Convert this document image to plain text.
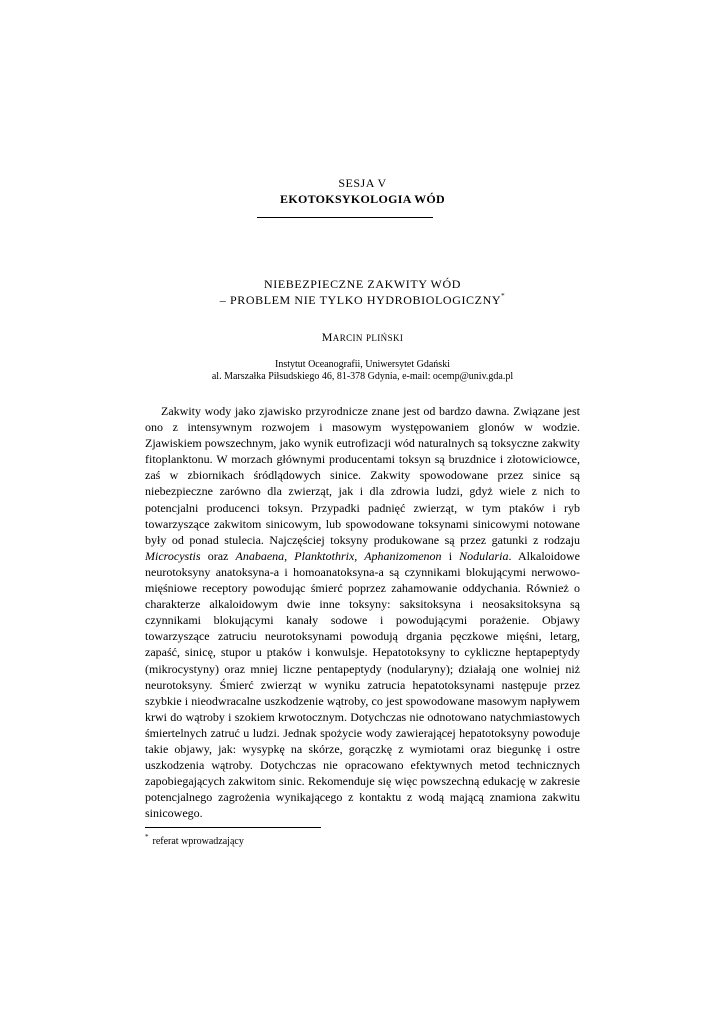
SESJA V
EKOTOKSYKOLOGIA WÓD
NIEBEZPIECZNE ZAKWITY WÓD
– PROBLEM NIE TYLKO HYDROBIOLOGICZNY*
MARCIN PLIŃSKI
Instytut Oceanografii, Uniwersytet Gdański
al. Marszałka Piłsudskiego 46, 81-378 Gdynia, e-mail: ocemp@univ.gda.pl

Zakwity wody jako zjawisko przyrodnicze znane jest od bardzo dawna. Związane jest ono z intensywnym rozwojem i masowym występowaniem glonów w wodzie. Zjawiskiem powszechnym, jako wynik eutrofizacji wód naturalnych są toksyczne zakwity fitoplanktonu. W morzach głównymi producentami toksyn są bruzdnice i złotowiciowce, zaś w zbiornikach śródlądowych sinice. Zakwity spowodowane przez sinice są niebezpieczne zarówno dla zwierząt, jak i dla zdrowia ludzi, gdyż wiele z nich to potencjalni producenci toksyn. Przypadki padnięć zwierząt, w tym ptaków i ryb towarzyszące zakwitom sinicowym, lub spowodowane toksynami sinicowymi notowane były od ponad stulecia. Najczęściej toksyny produkowane są przez gatunki z rodzaju Microcystis oraz Anabaena, Planktothrix, Aphanizomenon i Nodularia. Alkaloidowe neurotoksyny anatoksyna-a i homoanatoksyna-a są czynnikami blokującymi nerwowo-mięśniowe receptory powodując śmierć poprzez zahamowanie oddychania. Również o charakterze alkaloidowym dwie inne toksyny: saksitoksyna i neosaksitoksyna są czynnikami blokującymi kanały sodowe i powodującymi porażenie. Objawy towarzyszące zatruciu neurotoksynami powodują drgania pęczkowe mięśni, letarg, zapaść, sinicę, stupor u ptaków i konwulsje. Hepatotoksyny to cykliczne heptapeptydy (mikrocystyny) oraz mniej liczne pentapeptydy (nodularyny); działają one wolniej niż neurotoksyny. Śmierć zwierząt w wyniku zatrucia hepatotoksynami następuje przez szybkie i nieodwracalne uszkodzenie wątroby, co jest spowodowane masowym napływem krwi do wątroby i szokiem krwotocznym. Dotychczas nie odnotowano natychmiastowych śmiertelnych zatruć u ludzi. Jednak spożycie wody zawierającej hepatotoksyny powoduje takie objawy, jak: wysypkę na skórze, gorączkę z wymiotami oraz biegunkę i ostre uszkodzenia wątroby. Dotychczas nie opracowano efektywnych metod technicznych zapobiegających zakwitom sinic. Rekomenduje się więc powszechną edukację w zakresie potencjalnego zagrożenia wynikającego z kontaktu z wodą mającą znamiona zakwitu sinicowego.

* referat wprowadzający
